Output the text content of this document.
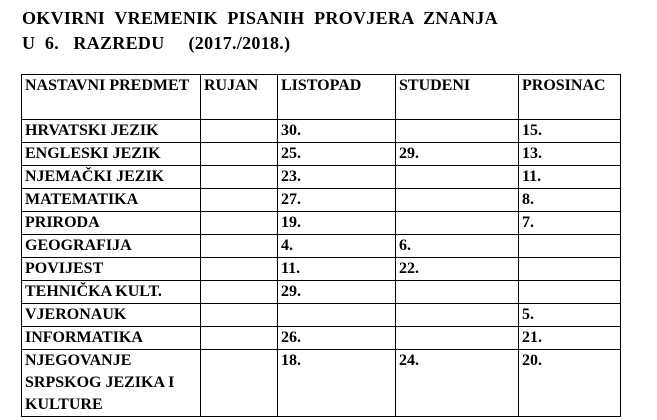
OKVIRNI  VREMENIK  PISANIH  PROVJERA  ZNANJA
U  6.   RAZREDU     (2017./2018.)
NASTAVNI PREDMET	RUJAN	LISTOPAD	STUDENI	PROSINAC
HRVATSKI JEZIK		30.		15.
ENGLESKI JEZIK		25.	29.	13.
NJEMAČKI JEZIK		23.		11.
MATEMATIKA		27.		8.
PRIRODA		19.		7.
GEOGRAFIJA		4.	6.	
POVIJEST		11.	22.	
TEHNIČKA KULT.		29.		
VJERONAUK				5.
INFORMATIKA		26.		21.
NJEGOVANJE SRPSKOG JEZIKA I KULTURE		18.	24.	20.
